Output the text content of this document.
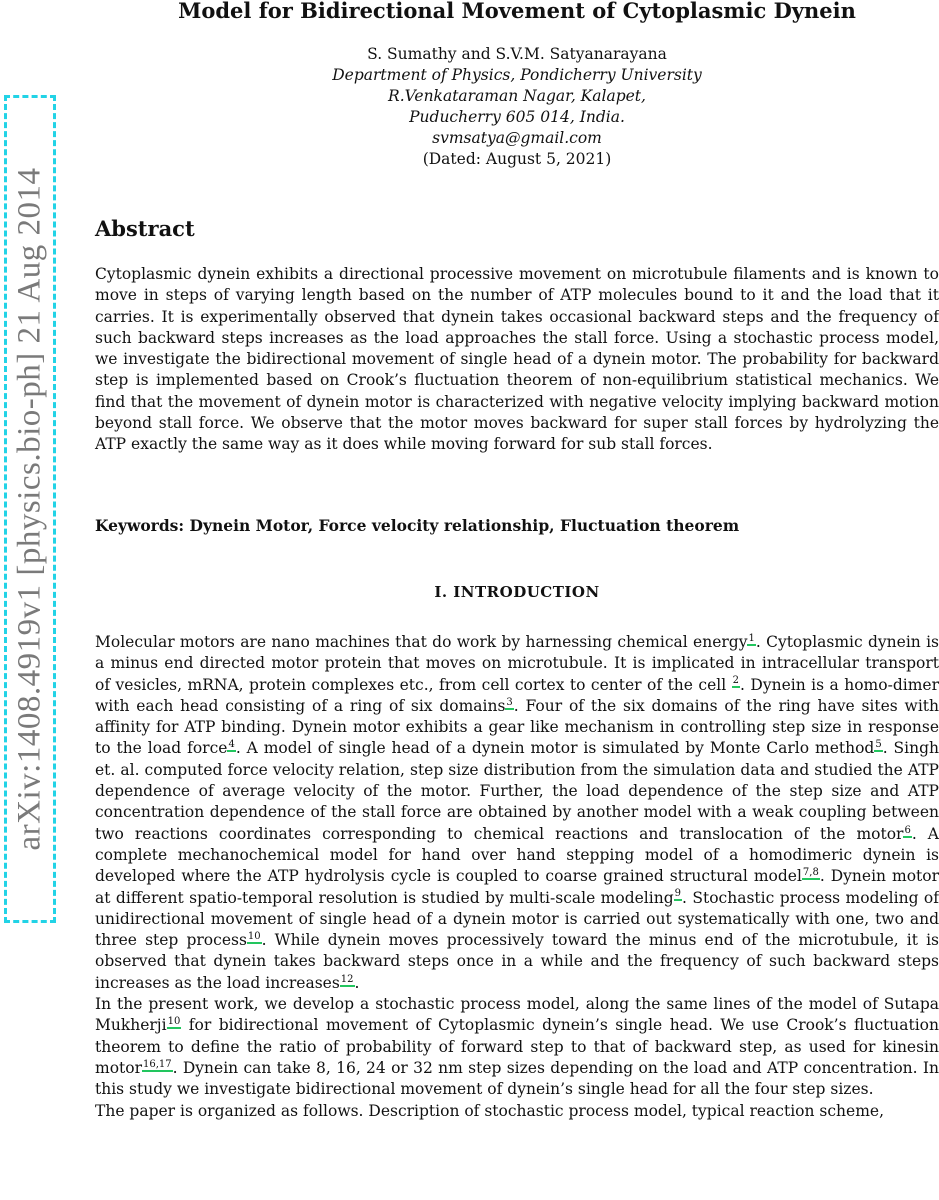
arXiv:1408.4919v1 [physics.bio-ph] 21 Aug 2014
Model for Bidirectional Movement of Cytoplasmic Dynein
S. Sumathy and S.V.M. Satyanarayana
Department of Physics, Pondicherry University
R.Venkataraman Nagar, Kalapet,
Puducherry 605 014, India.
svmsatya@gmail.com
(Dated: August 5, 2021)
Abstract

Cytoplasmic dynein exhibits a directional processive movement on microtubule filaments and is known to move in steps of varying length based on the number of ATP molecules bound to it and the load that it carries. It is experimentally observed that dynein takes occasional backward steps and the frequency of such backward steps increases as the load approaches the stall force. Using a stochastic process model, we investigate the bidirectional movement of single head of a dynein motor. The probability for backward step is implemented based on Crook’s fluctuation theorem of non-equilibrium statistical mechanics. We find that the movement of dynein motor is characterized with negative velocity implying backward motion beyond stall force. We observe that the motor moves backward for super stall forces by hydrolyzing the ATP exactly the same way as it does while moving forward for sub stall forces.

Keywords: Dynein Motor, Force velocity relationship, Fluctuation theorem
I. INTRODUCTION

Molecular motors are nano machines that do work by harnessing chemical energy$^1$. Cytoplasmic dynein is a minus end directed motor protein that moves on microtubule. It is implicated in intracellular transport of vesicles, mRNA, protein complexes etc., from cell cortex to center of the cell $^2$. Dynein is a homo-dimer with each head consisting of a ring of six domains$^3$. Four of the six domains of the ring have sites with affinity for ATP binding. Dynein motor exhibits a gear like mechanism in controlling step size in response to the load force$^4$. A model of single head of a dynein motor is simulated by Monte Carlo method$^5$. Singh et. al. computed force velocity relation, step size distribution from the simulation data and studied the ATP dependence of average velocity of the motor. Further, the load dependence of the step size and ATP concentration dependence of the stall force are obtained by another model with a weak coupling between two reactions coordinates corresponding to chemical reactions and translocation of the motor$^6$. A complete mechanochemical model for hand over hand stepping model of a homodimeric dynein is developed where the ATP hydrolysis cycle is coupled to coarse grained structural model$^{7,8}$. Dynein motor at different spatio-temporal resolution is studied by multi-scale modeling$^9$. Stochastic process modeling of unidirectional movement of single head of a dynein motor is carried out systematically with one, two and three step process$^{10}$. While dynein moves processively toward the minus end of the microtubule, it is observed that dynein takes backward steps once in a while and the frequency of such backward steps increases as the load increases$^{12}$.

In the present work, we develop a stochastic process model, along the same lines of the model of Sutapa Mukherji$^{10}$ for bidirectional movement of Cytoplasmic dynein’s single head. We use Crook’s fluctuation theorem to define the ratio of probability of forward step to that of backward step, as used for kinesin motor$^{16,17}$. Dynein can take 8, 16, 24 or 32 nm step sizes depending on the load and ATP concentration. In this study we investigate bidirectional movement of dynein’s single head for all the four step sizes.

The paper is organized as follows. Description of stochastic process model, typical reaction scheme,
